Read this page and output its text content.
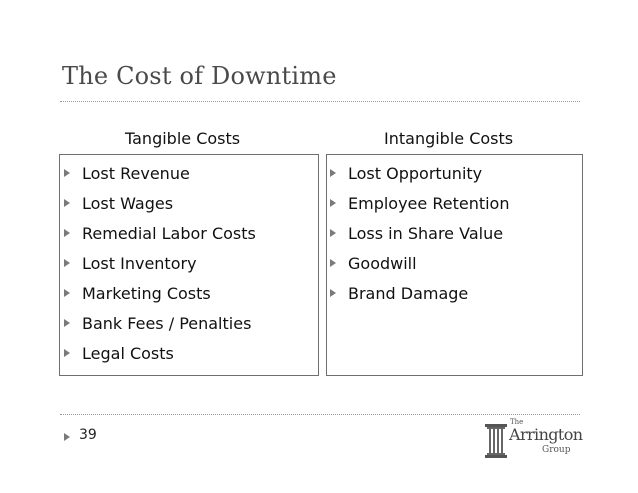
The Cost of Downtime
Tangible Costs	Intangible Costs
Lost Revenue
Lost Wages
Remedial Labor Costs
Lost Inventory
Marketing Costs
Bank Fees / Penalties
Legal Costs
Lost Opportunity
Employee Retention
Loss in Share Value
Goodwill
Brand Damage
39
The
Arrington
Group
